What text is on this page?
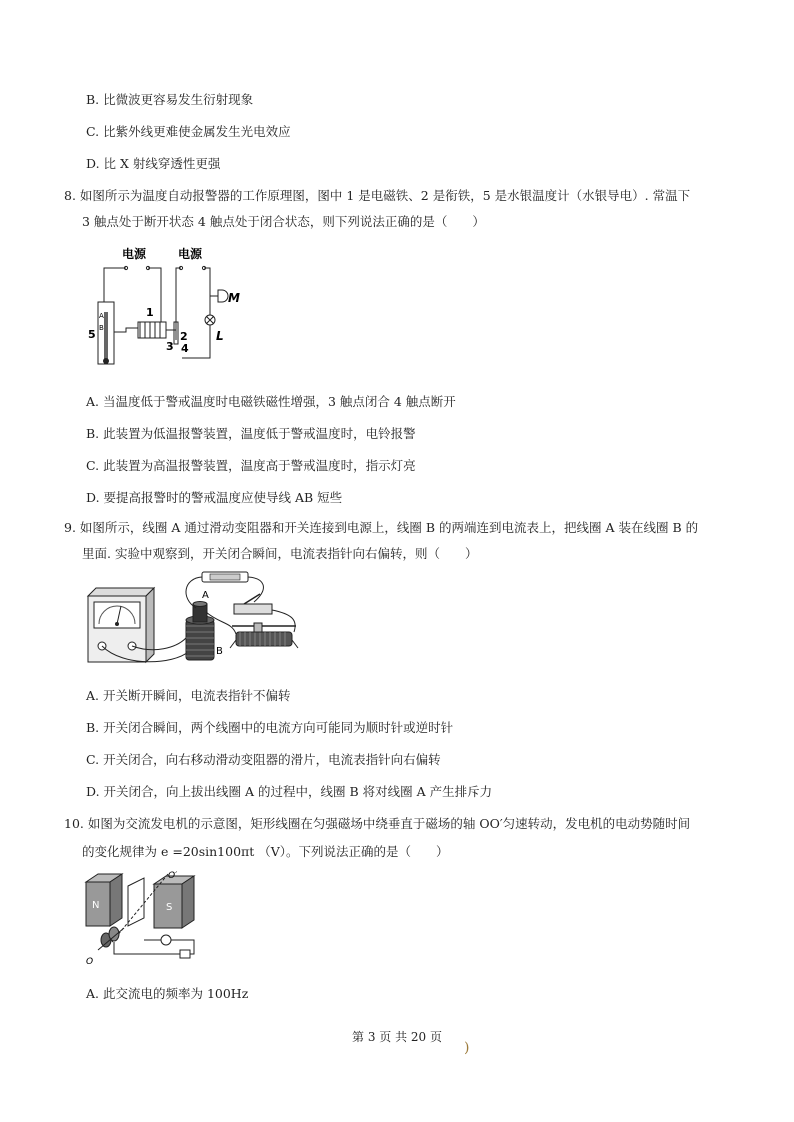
B. 比微波更容易发生衍射现象
C. 比紫外线更难使金属发生光电效应
D. 比 X 射线穿透性更强
8. 如图所示为温度自动报警器的工作原理图，图中 1 是电磁铁、2 是衔铁，5 是水银温度计（水银导电）. 常温下
3 触点处于断开状态 4 触点处于闭合状态，则下列说法正确的是（　　）
电源	电源
A
B
5
1
2
3 4
M
L
A. 当温度低于警戒温度时电磁铁磁性增强，3 触点闭合 4 触点断开
B. 此装置为低温报警装置，温度低于警戒温度时，电铃报警
C. 此装置为高温报警装置，温度高于警戒温度时，指示灯亮
D. 要提高报警时的警戒温度应使导线 AB 短些
9. 如图所示，线圈 A 通过滑动变阻器和开关连接到电源上，线圈 B 的两端连到电流表上，把线圈 A 装在线圈 B 的
里面. 实验中观察到，开关闭合瞬间，电流表指针向右偏转，则（　　）
A
B
A. 开关断开瞬间，电流表指针不偏转
B. 开关闭合瞬间，两个线圈中的电流方向可能同为顺时针或逆时针
C. 开关闭合，向右移动滑动变阻器的滑片，电流表指针向右偏转
D. 开关闭合，向上拔出线圈 A 的过程中，线圈 B 将对线圈 A 产生排斥力
10. 如图为交流发电机的示意图，矩形线圈在匀强磁场中绕垂直于磁场的轴 OO′匀速转动，发电机的电动势随时间
的变化规律为 e =20sin100πt （V）。下列说法正确的是（　　）
N	S
O′
O
A. 此交流电的频率为 100Hz
第 3 页 共 20 页
)
